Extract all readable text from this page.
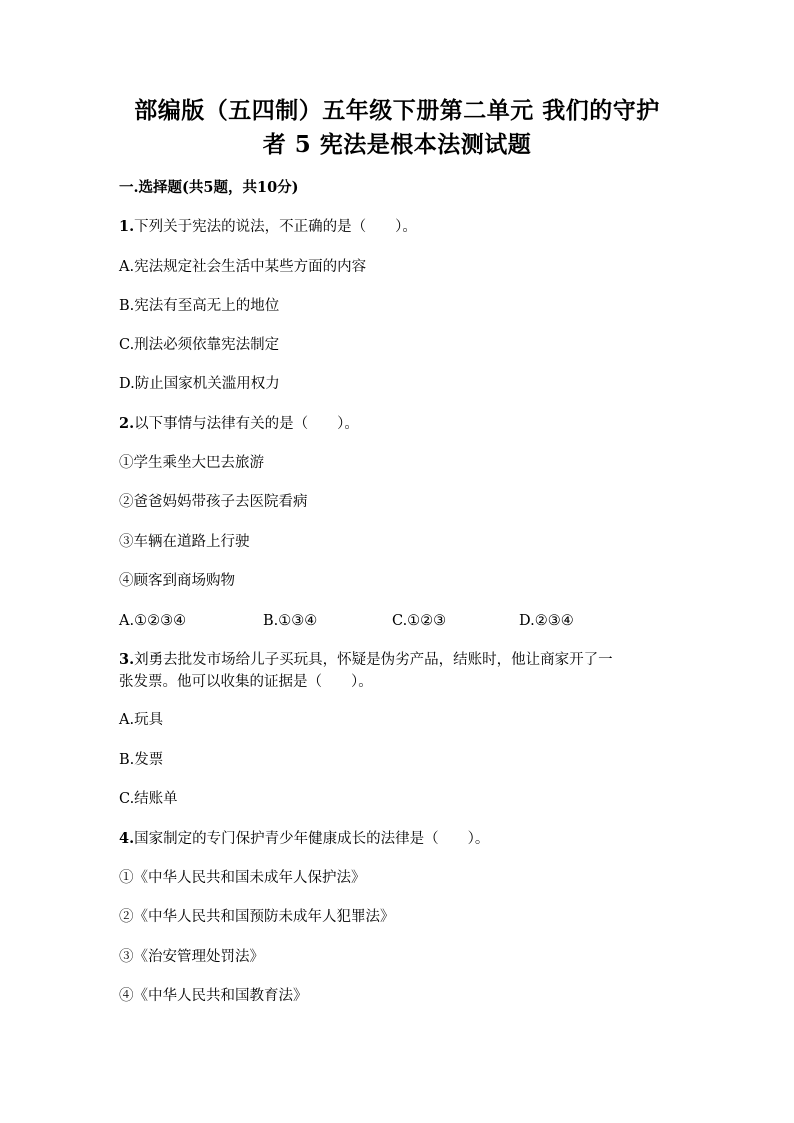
部编版（五四制）五年级下册第二单元 我们的守护
者 5 宪法是根本法测试题
一.选择题(共5题，共10分)
1.下列关于宪法的说法，不正确的是（　　）。
A.宪法规定社会生活中某些方面的内容
B.宪法有至高无上的地位
C.刑法必须依靠宪法制定
D.防止国家机关滥用权力
2.以下事情与法律有关的是（　　）。
①学生乘坐大巴去旅游
②爸爸妈妈带孩子去医院看病
③车辆在道路上行驶
④顾客到商场购物
A.①②③④	B.①③④	C.①②③	D.②③④
3.刘勇去批发市场给儿子买玩具，怀疑是伪劣产品，结账时，他让商家开了一
张发票。他可以收集的证据是（　　）。
A.玩具
B.发票
C.结账单
4.国家制定的专门保护青少年健康成长的法律是（　　）。
①《中华人民共和国未成年人保护法》
②《中华人民共和国预防未成年人犯罪法》
③《治安管理处罚法》
④《中华人民共和国教育法》
